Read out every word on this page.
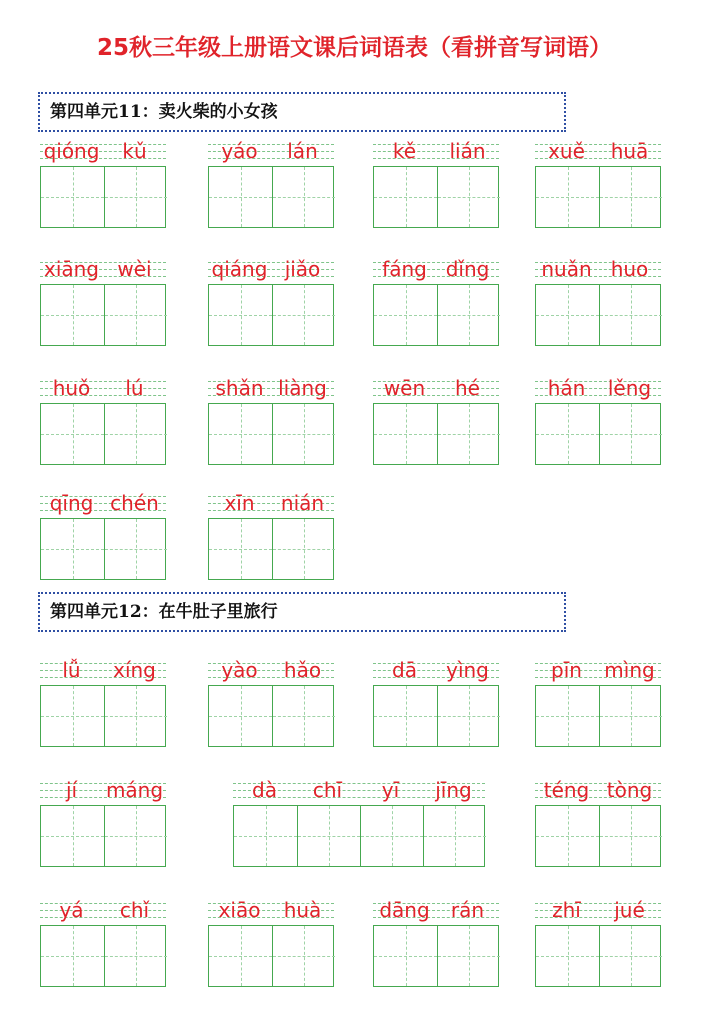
25秋三年级上册语文课后词语表（看拼音写词语）
第四单元11：卖火柴的小女孩
第四单元12：在牛肚子里旅行
qióng	kǔ	yáo	lán	kě	lián	xuě	huā
xiāng wèi	qiáng jiǎo	fáng dǐng	nuǎn huo
huǒ	lú	shǎn liàng	wēn	hé	hán	lěng
qīng chén	xīn	nián
lǚ	xíng	yào	hǎo	dā	yìng	pīn	mìng
jí	máng	dà	chī	yī	jīng	téng tòng
yá	chǐ	xiāo	huà	dāng	rán	zhī	jué
